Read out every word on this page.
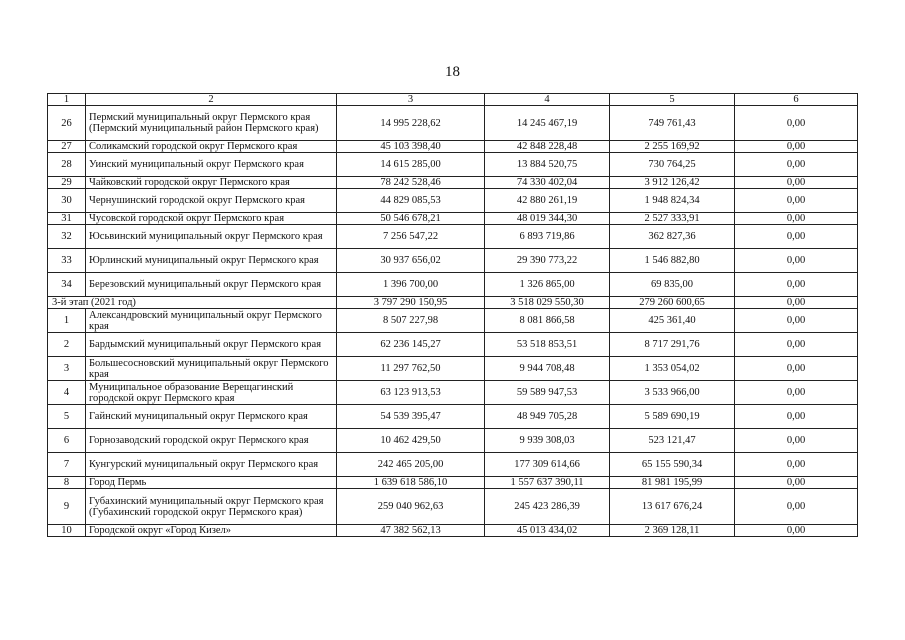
18
1	2	3	4	5	6
26	Пермский муниципальный округ Пермского края (Пермский муниципальный район Пермского края)	14 995 228,62	14 245 467,19	749 761,43	0,00
27	Соликамский городской округ Пермского края	45 103 398,40	42 848 228,48	2 255 169,92	0,00
28	Уинский муниципальный округ Пермского края	14 615 285,00	13 884 520,75	730 764,25	0,00
29	Чайковский городской округ Пермского края	78 242 528,46	74 330 402,04	3 912 126,42	0,00
30	Чернушинский городской округ Пермского края	44 829 085,53	42 880 261,19	1 948 824,34	0,00
31	Чусовской городской округ Пермского края	50 546 678,21	48 019 344,30	2 527 333,91	0,00
32	Юсьвинский муниципальный округ Пермского края	7 256 547,22	6 893 719,86	362 827,36	0,00
33	Юрлинский муниципальный округ Пермского края	30 937 656,02	29 390 773,22	1 546 882,80	0,00
34	Березовский муниципальный округ Пермского края	1 396 700,00	1 326 865,00	69 835,00	0,00
3-й этап (2021 год)		3 797 290 150,95	3 518 029 550,30	279 260 600,65	0,00
1	Александровский муниципальный округ Пермского края	8 507 227,98	8 081 866,58	425 361,40	0,00
2	Бардымский муниципальный округ Пермского края	62 236 145,27	53 518 853,51	8 717 291,76	0,00
3	Большесосновский муниципальный округ Пермского края	11 297 762,50	9 944 708,48	1 353 054,02	0,00
4	Муниципальное образование Верещагинский городской округ Пермского края	63 123 913,53	59 589 947,53	3 533 966,00	0,00
5	Гайнский муниципальный округ Пермского края	54 539 395,47	48 949 705,28	5 589 690,19	0,00
6	Горнозаводский городской округ Пермского края	10 462 429,50	9 939 308,03	523 121,47	0,00
7	Кунгурский муниципальный округ Пермского края	242 465 205,00	177 309 614,66	65 155 590,34	0,00
8	Город Пермь	1 639 618 586,10	1 557 637 390,11	81 981 195,99	0,00
9	Губахинский муниципальный округ Пермского края (Губахинский городской округ Пермского края)	259 040 962,63	245 423 286,39	13 617 676,24	0,00
10	Городской округ «Город Кизел»	47 382 562,13	45 013 434,02	2 369 128,11	0,00
